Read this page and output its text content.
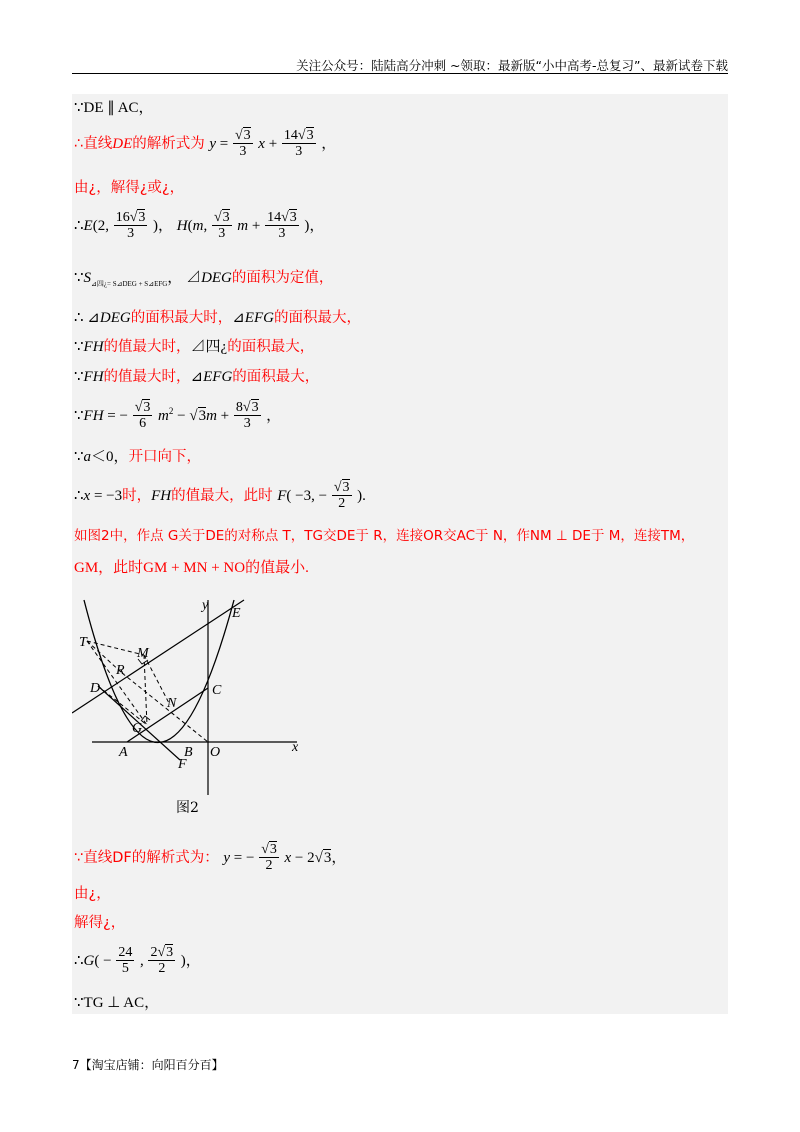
关注公众号：陆陆高分冲刺 ~领取：最新版“小中高考-总复习”、最新试卷下载
∵DE ∥ AC，
∴直线DE的解析式为 $y = \frac{√3}{3}$ $x + \frac{14√3}{3}$ ，
由¿，解得¿或¿，
∴E(2, $\frac{16√3}{3}$ )， H(m, $\frac{√3}{3}$ $m + \frac{14√3}{3}$ )，
$\because S_{⊿四¿= S⊿DEG + S⊿EFG}$， ⊿DEG的面积为定值，
∴ ⊿DEG的面积最大时，⊿EFG的面积最大，
∵FH的值最大时，⊿四¿的面积最大，
∵FH的值最大时，⊿EFG的面积最大，
∵FH = − $\frac{√3}{6} m^2 - √3m + \frac{8√3}{3}$ ，
∵a＜0，开口向下，
∴x = −3时，FH的值最大，此时 F( −3, − $\frac{√3}{2}$ ).
如图2中，作点 G关于DE的对称点 T，TG交DE于 R，连接OR交AC于 N，作NM ⊥ DE于 M，连接TM，
GM，此时GM + MN + NO的值最小.
y
E
T
M
R
D	C
N
G
A	B O
F
x
图2
∵直线DF的解析式为： y = − $\frac{√3}{2}$ x − 2√3，
由¿，
解得¿，
∴G( − $\frac{24}{5}$ , $\frac{2√3}{2}$ )，
∵TG ⊥ AC，
7【淘宝店铺：向阳百分百】
